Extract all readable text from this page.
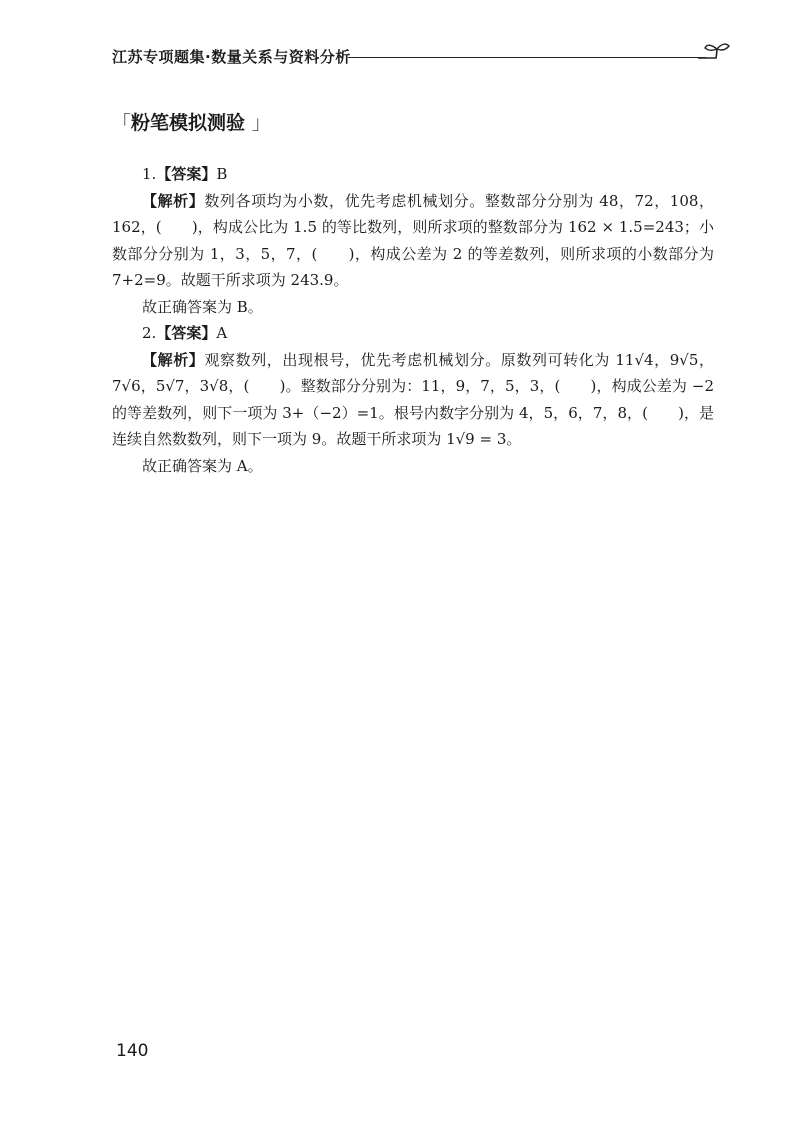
江苏专项题集·数量关系与资料分析
「粉笔模拟测验 」

1.【答案】B

【解析】数列各项均为小数，优先考虑机械划分。整数部分分别为 48，72，108，162，(　　)，构成公比为 1.5 的等比数列，则所求项的整数部分为 162 × 1.5=243；小数部分分别为 1，3，5，7，(　　)，构成公差为 2 的等差数列，则所求项的小数部分为 7+2=9。故题干所求项为 243.9。

故正确答案为 B。

2.【答案】A

【解析】观察数列，出现根号，优先考虑机械划分。原数列可转化为 11√4，9√5，7√6，5√7，3√8，(　　)。整数部分分别为：11，9，7，5，3，(　　)，构成公差为 −2 的等差数列，则下一项为 3+（−2）=1。根号内数字分别为 4，5，6，7，8，(　　)，是连续自然数数列，则下一项为 9。故题干所求项为 1√9 = 3。

故正确答案为 A。

140
